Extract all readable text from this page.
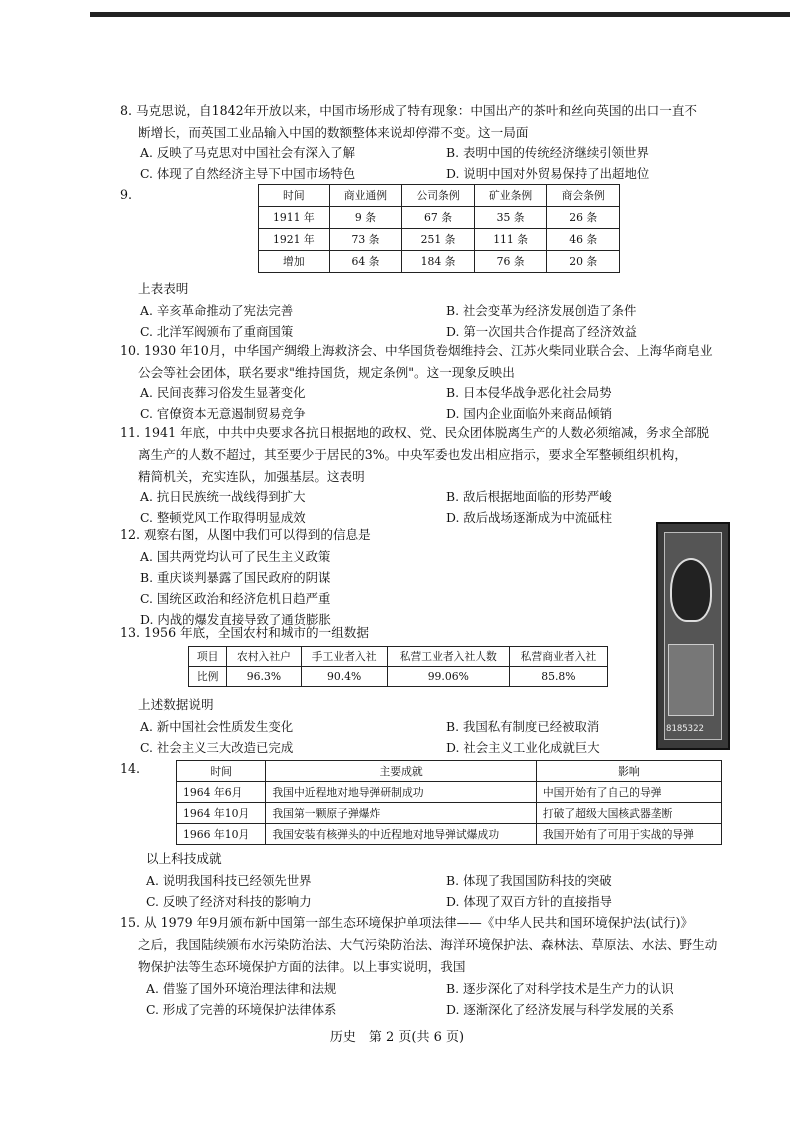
8. 马克思说，自1842年开放以来，中国市场形成了特有现象：中国出产的茶叶和丝向英国的出口一直不
断增长，而英国工业品输入中国的数额整体来说却停滞不变。这一局面
A. 反映了马克思对中国社会有深入了解	B. 表明中国的传统经济继续引领世界
C. 体现了自然经济主导下中国市场特色	D. 说明中国对外贸易保持了出超地位
9.	时间	商业通例	公司条例	矿业条例	商会条例
1911 年	9 条	67 条	35 条	26 条
1921 年	73 条	251 条	111 条	46 条
增加	64 条	184 条	76 条	20 条
上表表明
A. 辛亥革命推动了宪法完善	B. 社会变革为经济发展创造了条件
C. 北洋军阀颁布了重商国策	D. 第一次国共合作提高了经济效益
10. 1930 年10月，中华国产绸缎上海救济会、中华国货卷烟维持会、江苏火柴同业联合会、上海华商皂业
公会等社会团体，联名要求"维持国货，规定条例"。这一现象反映出
A. 民间丧葬习俗发生显著变化	B. 日本侵华战争恶化社会局势
C. 官僚资本无意遏制贸易竞争	D. 国内企业面临外来商品倾销
11. 1941 年底，中共中央要求各抗日根据地的政权、党、民众团体脱离生产的人数必须缩减，务求全部脱
离生产的人数不超过，其至要少于居民的3%。中央军委也发出相应指示，要求全军整顿组织机构，
精简机关，充实连队，加强基层。这表明
A. 抗日民族统一战线得到扩大	B. 敌后根据地面临的形势严峻
C. 整顿党风工作取得明显成效	D. 敌后战场逐渐成为中流砥柱
12. 观察右图，从图中我们可以得到的信息是
A. 国共两党均认可了民生主义政策
B. 重庆谈判暴露了国民政府的阴谋
C. 国统区政治和经济危机日趋严重
D. 内战的爆发直接导致了通货膨胀
8185322
13. 1956 年底，全国农村和城市的一组数据
项目	农村入社户	手工业者入社	私营工业者入社人数	私营商业者入社
比例	96.3%	90.4%	99.06%	85.8%
上述数据说明
A. 新中国社会性质发生变化	B. 我国私有制度已经被取消
C. 社会主义三大改造已完成	D. 社会主义工业化成就巨大
14.	时间	主要成就	影响
1964 年6月	我国中近程地对地导弹研制成功	中国开始有了自己的导弹
1964 年10月	我国第一颗原子弹爆炸	打破了超级大国核武器垄断
1966 年10月	我国安装有核弹头的中近程地对地导弹试爆成功	我国开始有了可用于实战的导弹
以上科技成就
A. 说明我国科技已经领先世界	B. 体现了我国国防科技的突破
C. 反映了经济对科技的影响力	D. 体现了双百方针的直接指导
15. 从 1979 年9月颁布新中国第一部生态环境保护单项法律——《中华人民共和国环境保护法(试行)》
之后，我国陆续颁布水污染防治法、大气污染防治法、海洋环境保护法、森林法、草原法、水法、野生动
物保护法等生态环境保护方面的法律。以上事实说明，我国
A. 借鉴了国外环境治理法律和法规	B. 逐步深化了对科学技术是生产力的认识
C. 形成了完善的环境保护法律体系	D. 逐渐深化了经济发展与科学发展的关系
历史　第 2 页(共 6 页)
